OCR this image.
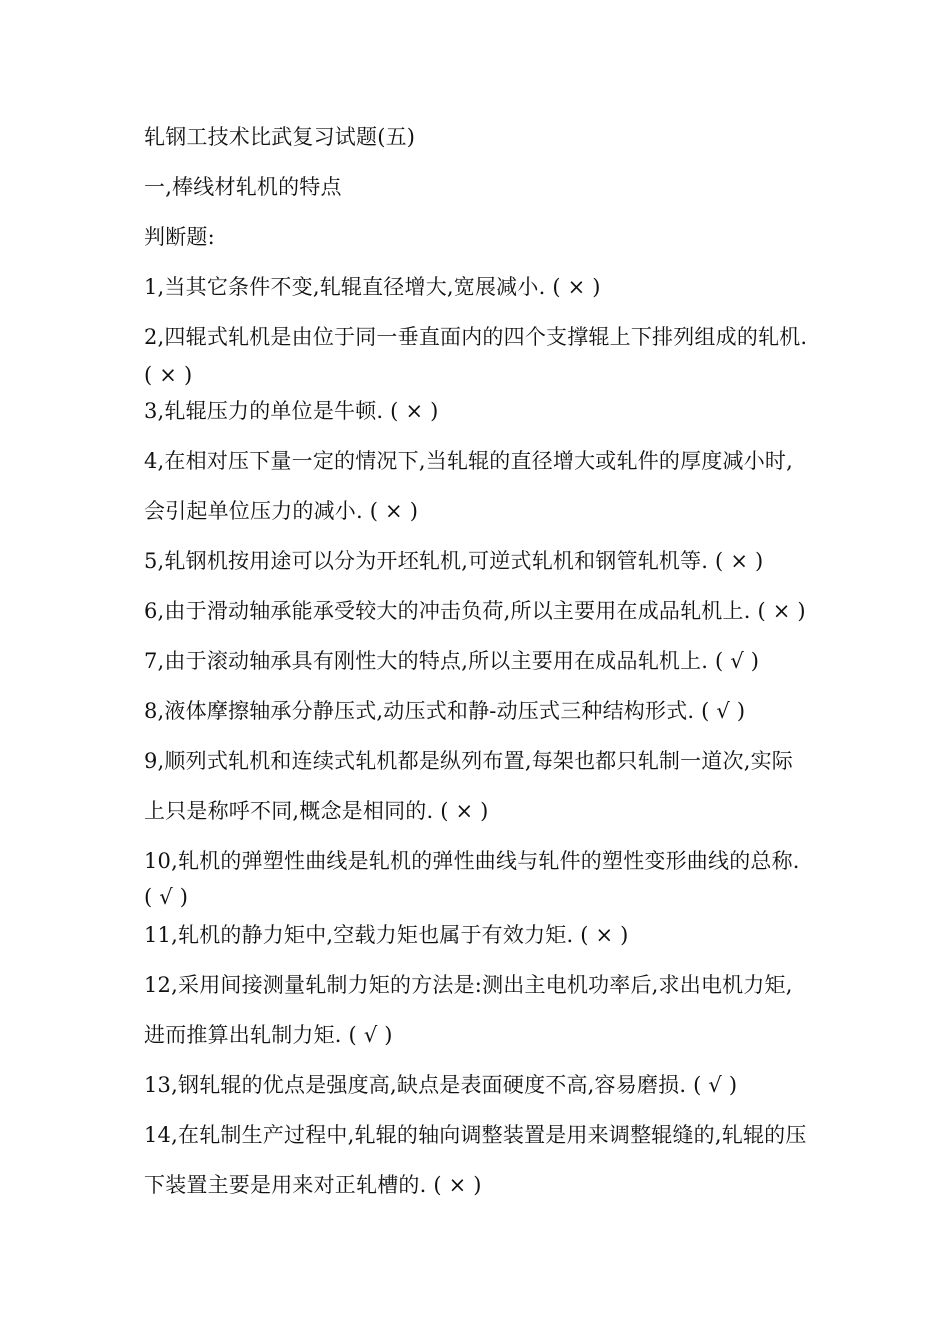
轧钢工技术比武复习试题(五)
一,棒线材轧机的特点
判断题:
1,当其它条件不变,轧辊直径增大,宽展减小. ( × )
2,四辊式轧机是由位于同一垂直面内的四个支撑辊上下排列组成的轧机.
( × )
3,轧辊压力的单位是牛顿. ( × )
4,在相对压下量一定的情况下,当轧辊的直径增大或轧件的厚度减小时,
会引起单位压力的减小. ( × )
5,轧钢机按用途可以分为开坯轧机,可逆式轧机和钢管轧机等. ( × )
6,由于滑动轴承能承受较大的冲击负荷,所以主要用在成品轧机上. ( × )
7,由于滚动轴承具有刚性大的特点,所以主要用在成品轧机上. ( √ )
8,液体摩擦轴承分静压式,动压式和静-动压式三种结构形式. ( √ )
9,顺列式轧机和连续式轧机都是纵列布置,每架也都只轧制一道次,实际
上只是称呼不同,概念是相同的. ( × )
10,轧机的弹塑性曲线是轧机的弹性曲线与轧件的塑性变形曲线的总称.
( √ )
11,轧机的静力矩中,空载力矩也属于有效力矩. ( × )
12,采用间接测量轧制力矩的方法是:测出主电机功率后,求出电机力矩,
进而推算出轧制力矩. ( √ )
13,钢轧辊的优点是强度高,缺点是表面硬度不高,容易磨损. ( √ )
14,在轧制生产过程中,轧辊的轴向调整装置是用来调整辊缝的,轧辊的压
下装置主要是用来对正轧槽的. ( × )
